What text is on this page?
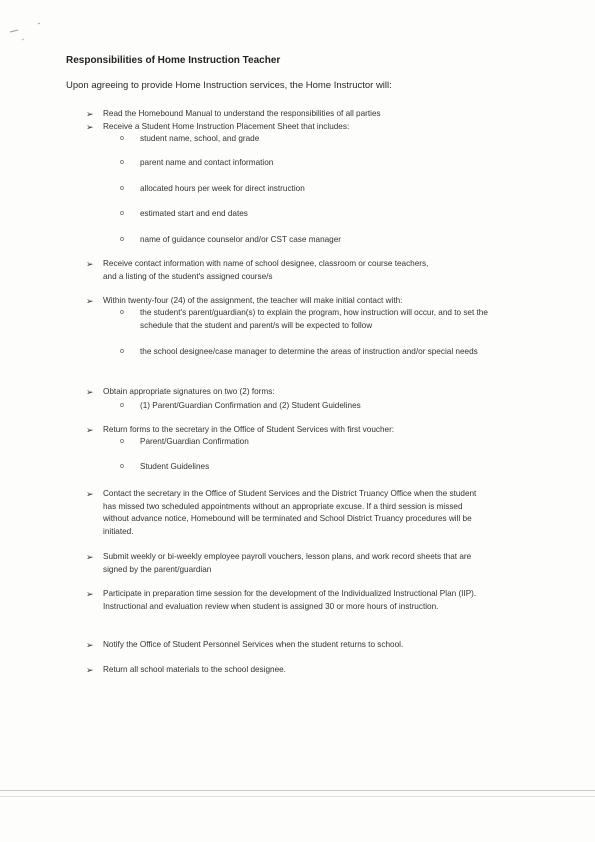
Responsibilities of Home Instruction Teacher
Upon agreeing to provide Home Instruction services, the Home Instructor will:
➢ Read the Homebound Manual to understand the responsibilities of all parties
➢ Receive a Student Home Instruction Placement Sheet that includes:
o student name, school, and grade
o parent name and contact information
o allocated hours per week for direct instruction
o estimated start and end dates
o name of guidance counselor and/or CST case manager
➢ Receive contact information with name of school designee, classroom or course teachers, and a listing of the student's assigned course/s
➢ Within twenty-four (24) of the assignment, the teacher will make initial contact with:
o the student's parent/guardian(s) to explain the program, how instruction will occur, and to set the schedule that the student and parent/s will be expected to follow
o the school designee/case manager to determine the areas of instruction and/or special needs
➢ Obtain appropriate signatures on two (2) forms:
o (1) Parent/Guardian Confirmation and (2) Student Guidelines
➢ Return forms to the secretary in the Office of Student Services with first voucher:
o Parent/Guardian Confirmation
o Student Guidelines
➢ Contact the secretary in the Office of Student Services and the District Truancy Office when the student has missed two scheduled appointments without an appropriate excuse. If a third session is missed without advance notice, Homebound will be terminated and School District Truancy procedures will be initiated.
➢ Submit weekly or bi-weekly employee payroll vouchers, lesson plans, and work record sheets that are signed by the parent/guardian
➢ Participate in preparation time session for the development of the Individualized Instructional Plan (IIP). Instructional and evaluation review when student is assigned 30 or more hours of instruction.
➢ Notify the Office of Student Personnel Services when the student returns to school.
➢ Return all school materials to the school designee.
